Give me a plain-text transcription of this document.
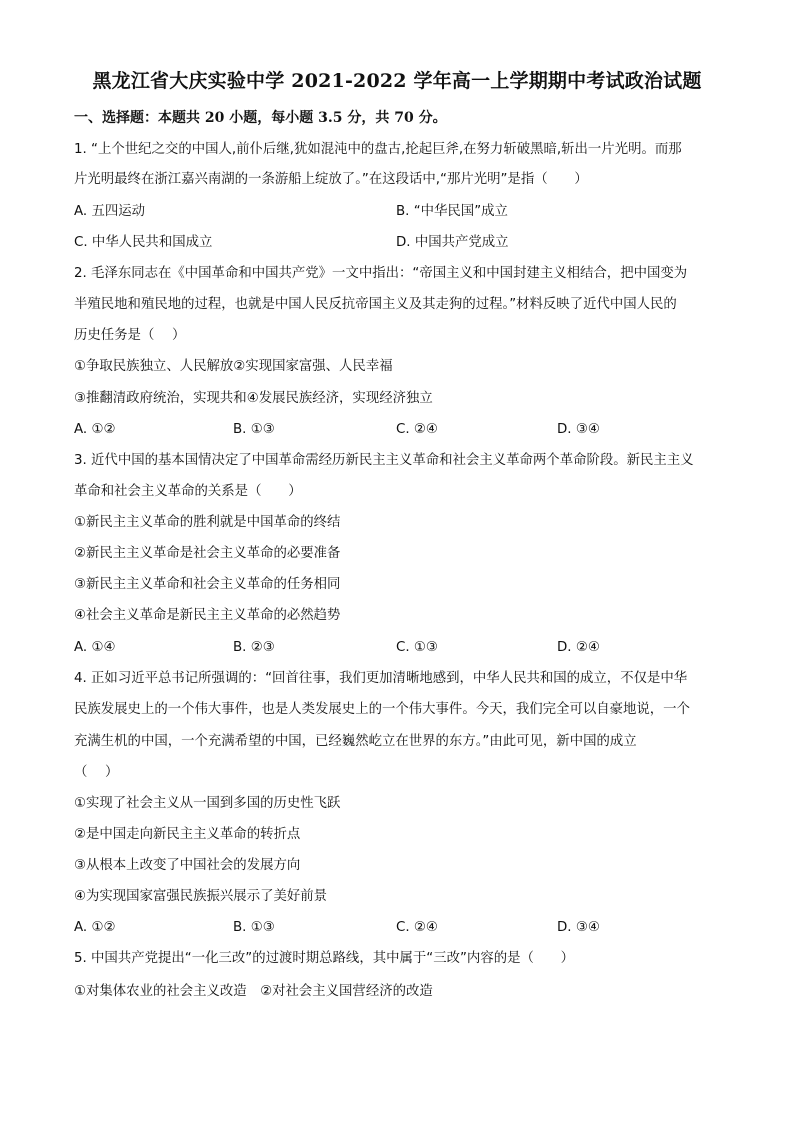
黑龙江省大庆实验中学 2021-2022 学年高一上学期期中考试政治试题
一、选择题：本题共 20 小题，每小题 3.5 分，共 70 分。
1. “上个世纪之交的中国人,前仆后继,犹如混沌中的盘古,抡起巨斧,在努力斩破黑暗,斩出一片光明。而那
片光明最终在浙江嘉兴南湖的一条游船上绽放了。”在这段话中,“那片光明”是指（　　）
A. 五四运动	B. “中华民国”成立
C. 中华人民共和国成立	D. 中国共产党成立
2. 毛泽东同志在《中国革命和中国共产党》一文中指出：“帝国主义和中国封建主义相结合，把中国变为
半殖民地和殖民地的过程，也就是中国人民反抗帝国主义及其走狗的过程。”材料反映了近代中国人民的
历史任务是（　 ）
①争取民族独立、人民解放②实现国家富强、人民幸福
③推翻清政府统治，实现共和④发展民族经济，实现经济独立
A. ①②	B. ①③	C. ②④	D. ③④
3. 近代中国的基本国情决定了中国革命需经历新民主主义革命和社会主义革命两个革命阶段。新民主主义
革命和社会主义革命的关系是（　　）
①新民主主义革命的胜利就是中国革命的终结
②新民主主义革命是社会主义革命的必要准备
③新民主主义革命和社会主义革命的任务相同
④社会主义革命是新民主主义革命的必然趋势
A. ①④	B. ②③	C. ①③	D. ②④
4. 正如习近平总书记所强调的：“回首往事，我们更加清晰地感到，中华人民共和国的成立，不仅是中华
民族发展史上的一个伟大事件，也是人类发展史上的一个伟大事件。今天，我们完全可以自豪地说，一个
充满生机的中国，一个充满希望的中国，已经巍然屹立在世界的东方。”由此可见，新中国的成立
（　 ）
①实现了社会主义从一国到多国的历史性飞跃
②是中国走向新民主主义革命的转折点
③从根本上改变了中国社会的发展方向
④为实现国家富强民族振兴展示了美好前景
A. ①②	B. ①③	C. ②④	D. ③④
5. 中国共产党提出“一化三改”的过渡时期总路线，其中属于“三改”内容的是（　　）
①对集体农业的社会主义改造　②对社会主义国营经济的改造
